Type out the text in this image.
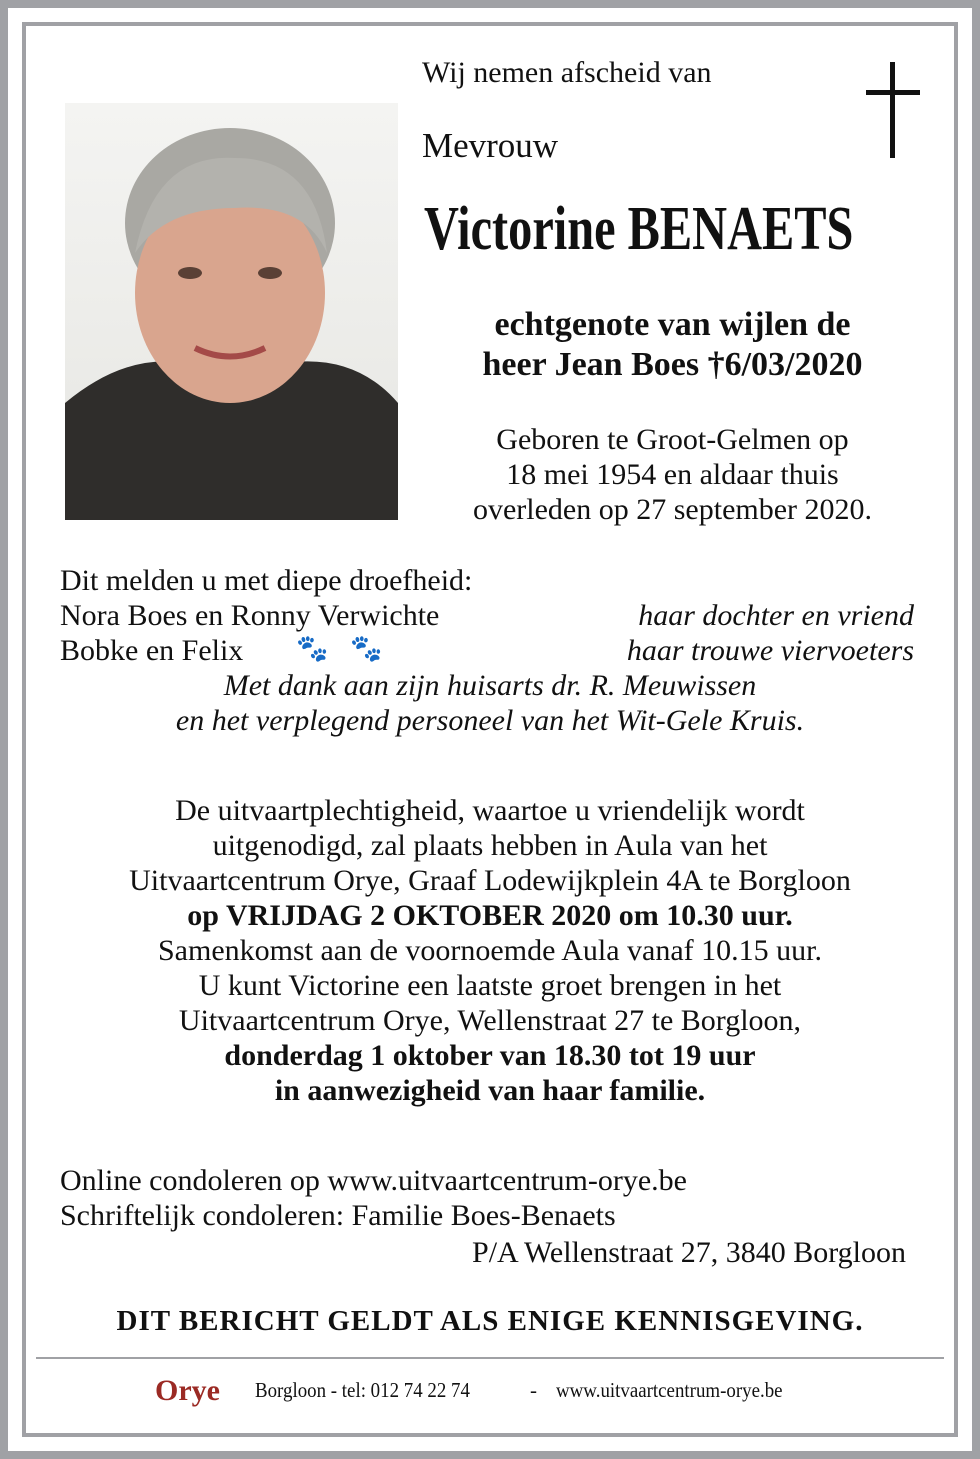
Wij nemen afscheid van
Mevrouw
Victorine BENAETS
echtgenote van wijlen de
heer Jean Boes †6/03/2020
Geboren te Groot-Gelmen op
18 mei 1954 en aldaar thuis
overleden op 27 september 2020.
Dit melden u met diepe droefheid:
Nora Boes en Ronny Verwichte	haar dochter en vriend
Bobke en Felix 🐾 🐾	haar trouwe viervoeters
Met dank aan zijn huisarts dr. R. Meuwissen
en het verplegend personeel van het Wit-Gele Kruis.
De uitvaartplechtigheid, waartoe u vriendelijk wordt
uitgenodigd, zal plaats hebben in Aula van het
Uitvaartcentrum Orye, Graaf Lodewijkplein 4A te Borgloon
op VRIJDAG 2 OKTOBER 2020 om 10.30 uur.
Samenkomst aan de voornoemde Aula vanaf 10.15 uur.
U kunt Victorine een laatste groet brengen in het
Uitvaartcentrum Orye, Wellenstraat 27 te Borgloon,
donderdag 1 oktober van 18.30 tot 19 uur
in aanwezigheid van haar familie.
Online condoleren op www.uitvaartcentrum-orye.be
Schriftelijk condoleren: Familie Boes-Benaets
P/A Wellenstraat 27, 3840 Borgloon
DIT BERICHT GELDT ALS ENIGE KENNISGEVING.
Orye Borgloon - tel: 012 74 22 74	- www.uitvaartcentrum-orye.be
